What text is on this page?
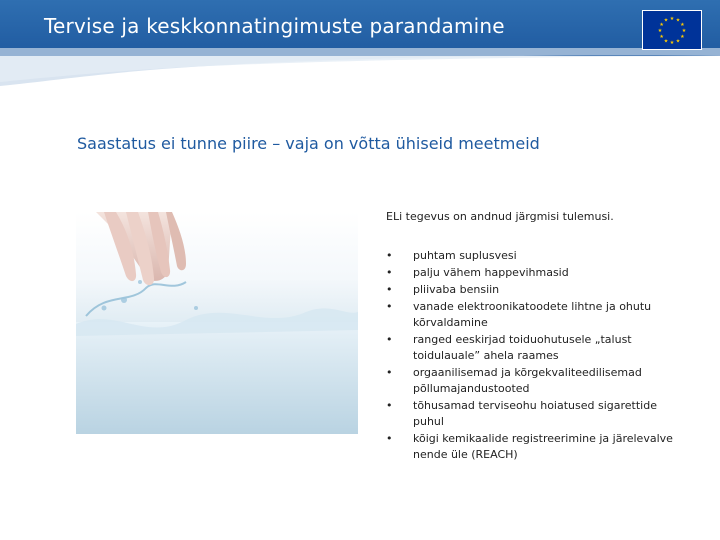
Tervise ja keskkonnatingimuste parandamine	★ ★
★
★
★
★
★
★
★
★
★
★
Saastatus ei tunne piire – vaja on võtta ühiseid meetmeid
ELi tegevus on andnud järgmisi tulemusi.
•	puhtam suplusvesi
•	palju vähem happevihmasid
•	pliivaba bensiin
•	vanade elektroonikatoodete lihtne ja ohutu kõrvaldamine
•	ranged eeskirjad toiduohutusele „talust toidulauale” ahela raames
•	orgaanilisemad ja kõrgekvaliteedilisemad põllumajandustooted
•	tõhusamad terviseohu hoiatused sigarettide puhul
•	kõigi kemikaalide registreerimine ja järelevalve nende üle (REACH)
